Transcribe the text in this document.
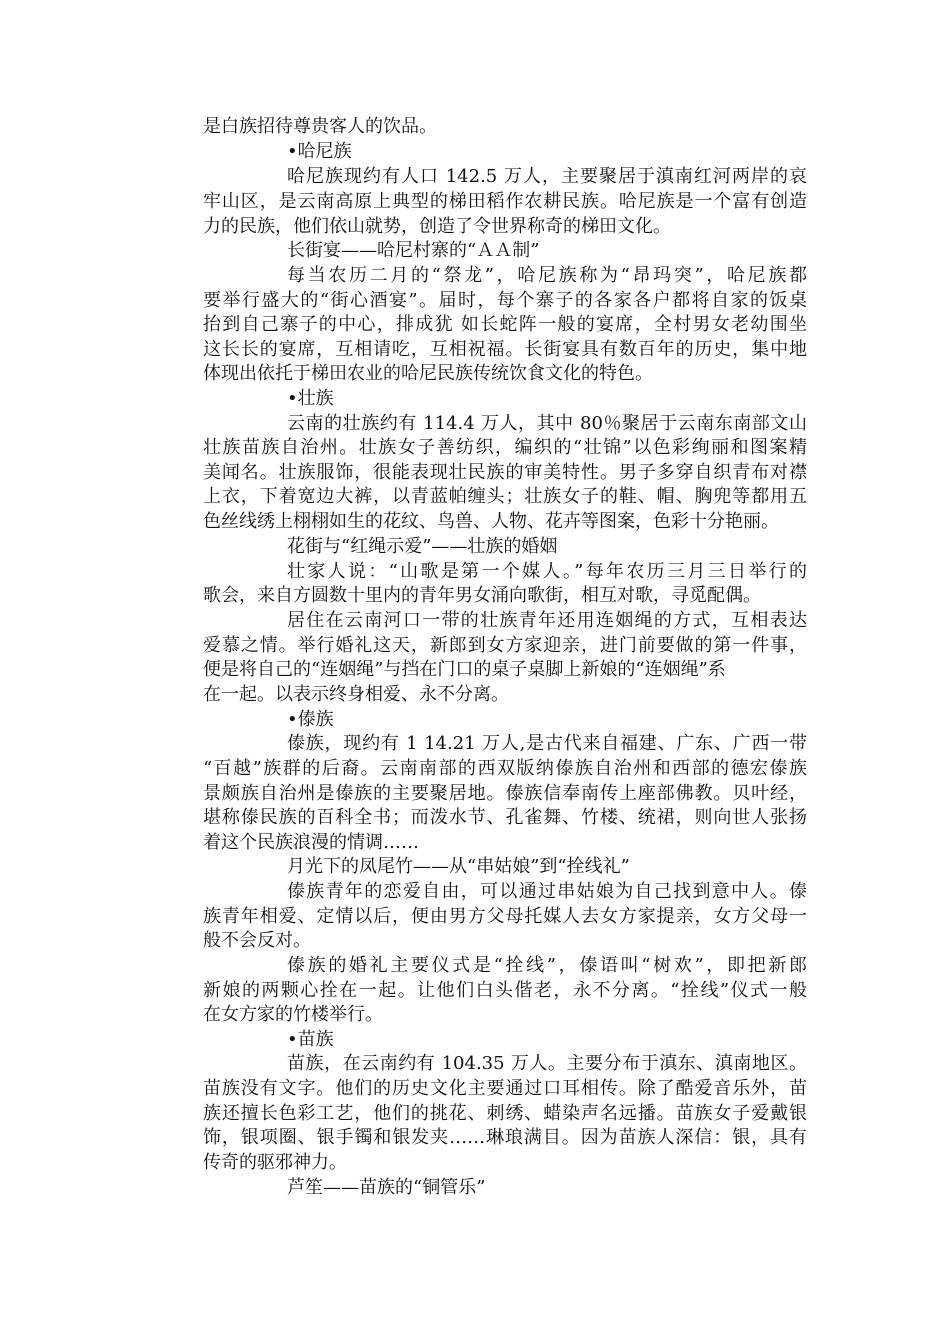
是白族招待尊贵客人的饮品。
•哈尼族
哈尼族现约有人口 142.5 万人，主要聚居于滇南红河两岸的哀
牢山区，是云南高原上典型的梯田稻作农耕民族。哈尼族是一个富有创造
力的民族，他们依山就势，创造了令世界称奇的梯田文化。
长街宴——哈尼村寨的“ＡＡ制”
每当农历二月的“祭龙”，哈尼族称为“昂玛突”，哈尼族都
要举行盛大的“街心酒宴”。届时，每个寨子的各家各户都将自家的饭桌
抬到自己寨子的中心，排成犹 如长蛇阵一般的宴席，全村男女老幼围坐
这长长的宴席，互相请吃，互相祝福。长街宴具有数百年的历史，集中地
体现出依托于梯田农业的哈尼民族传统饮食文化的特色。
•壮族
云南的壮族约有 114.4 万人，其中 80％聚居于云南东南部文山
壮族苗族自治州。壮族女子善纺织，编织的“壮锦”以色彩绚丽和图案精
美闻名。壮族服饰，很能表现壮民族的审美特性。男子多穿自织青布对襟
上衣，下着宽边大裤，以青蓝帕缠头；壮族女子的鞋、帽、胸兜等都用五
色丝线绣上栩栩如生的花纹、鸟兽、人物、花卉等图案，色彩十分艳丽。
花街与“红绳示爱”——壮族的婚姻
壮家人说：“山歌是第一个媒人。”每年农历三月三日举行的
歌会，来自方圆数十里内的青年男女涌向歌街，相互对歌，寻觅配偶。
居住在云南河口一带的壮族青年还用连姻绳的方式，互相表达
爱慕之情。举行婚礼这天，新郎到女方家迎亲，进门前要做的第一件事，
便是将自己的“连姻绳”与挡在门口的桌子桌脚上新娘的“连姻绳”系
在一起。以表示终身相爱、永不分离。
•傣族
傣族，现约有 1 14.21 万人,是古代来自福建、广东、广西一带
“百越”族群的后裔。云南南部的西双版纳傣族自治州和西部的德宏傣族
景颇族自治州是傣族的主要聚居地。傣族信奉南传上座部佛教。贝叶经，
堪称傣民族的百科全书；而泼水节、孔雀舞、竹楼、统裙，则向世人张扬
着这个民族浪漫的情调……
月光下的凤尾竹——从“串姑娘”到“拴线礼”
傣族青年的恋爱自由，可以通过串姑娘为自己找到意中人。傣
族青年相爱、定情以后，便由男方父母托媒人去女方家提亲，女方父母一
般不会反对。
傣族的婚礼主要仪式是“拴线”，傣语叫“树欢”，即把新郎
新娘的两颗心拴在一起。让他们白头偕老，永不分离。“拴线”仪式一般
在女方家的竹楼举行。
•苗族
苗族，在云南约有 104.35 万人。主要分布于滇东、滇南地区。
苗族没有文字。他们的历史文化主要通过口耳相传。除了酷爱音乐外，苗
族还擅长色彩工艺，他们的挑花、刺绣、蜡染声名远播。苗族女子爱戴银
饰，银项圈、银手镯和银发夹……琳琅满目。因为苗族人深信：银，具有
传奇的驱邪神力。
芦笙——苗族的“铜管乐”
